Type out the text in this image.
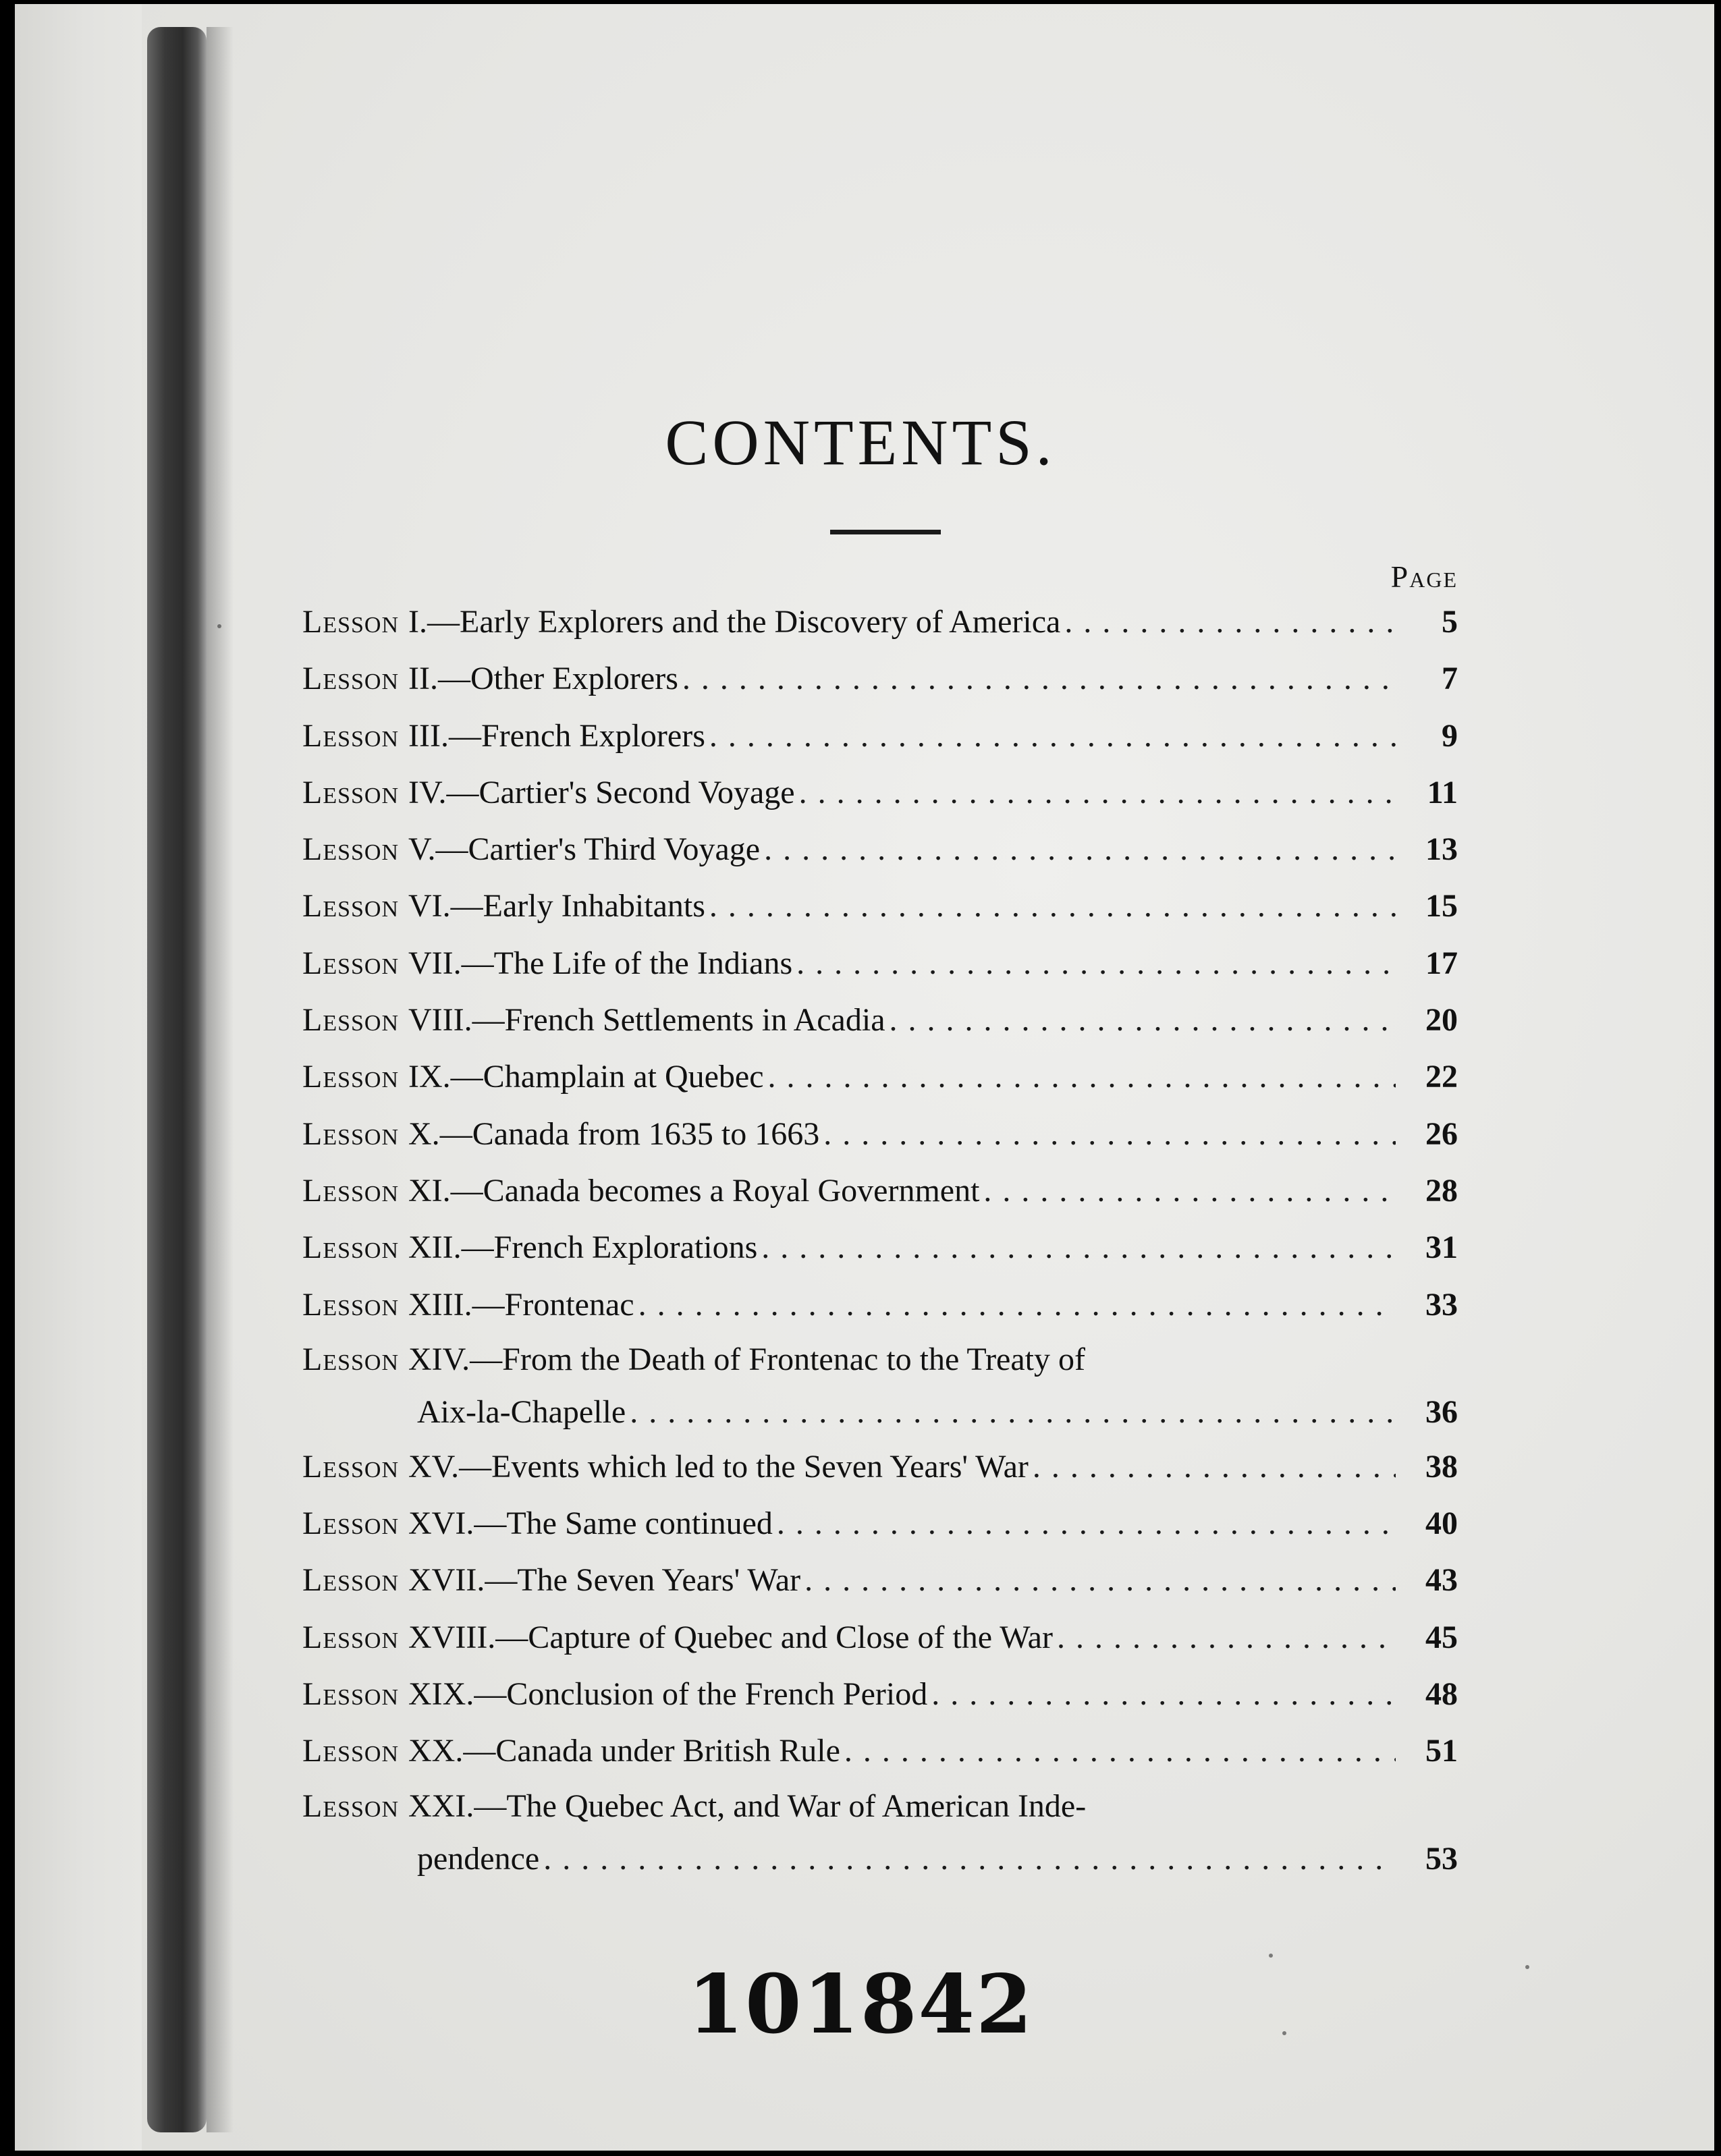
CONTENTS.
Page
Lesson I. —Early Explorers and the Discovery of America . . .	5
Lesson II. —Other Explorers . . .	7
Lesson III. —French Explorers . . .	9
Lesson IV. —Cartier's Second Voyage . . .	11
Lesson V. —Cartier's Third Voyage . . .	13
Lesson VI. —Early Inhabitants . . .	15
Lesson VII. —The Life of the Indians . . .	17
Lesson VIII. —French Settlements in Acadia . . .	20
Lesson IX. —Champlain at Quebec . . .	22
Lesson X. —Canada from 1635 to 1663 . . .	26
Lesson XI. —Canada becomes a Royal Government . . .	28
Lesson XII. —French Explorations . . .	31
Lesson XIII. —Frontenac . . .	33
Lesson XIV. —From the Death of Frontenac to the Treaty of
Aix-la-Chapelle . . .	36
Lesson XV. —Events which led to the Seven Years' War . . .	38
Lesson XVI. —The Same continued . . .	40
Lesson XVII. —The Seven Years' War . . .	43
Lesson XVIII. —Capture of Quebec and Close of the War . . .	45
Lesson XIX. —Conclusion of the French Period . . .	48
Lesson XX. —Canada under British Rule . . .	51
Lesson XXI. —The Quebec Act, and War of American Inde-
pendence . . .	53
101842
